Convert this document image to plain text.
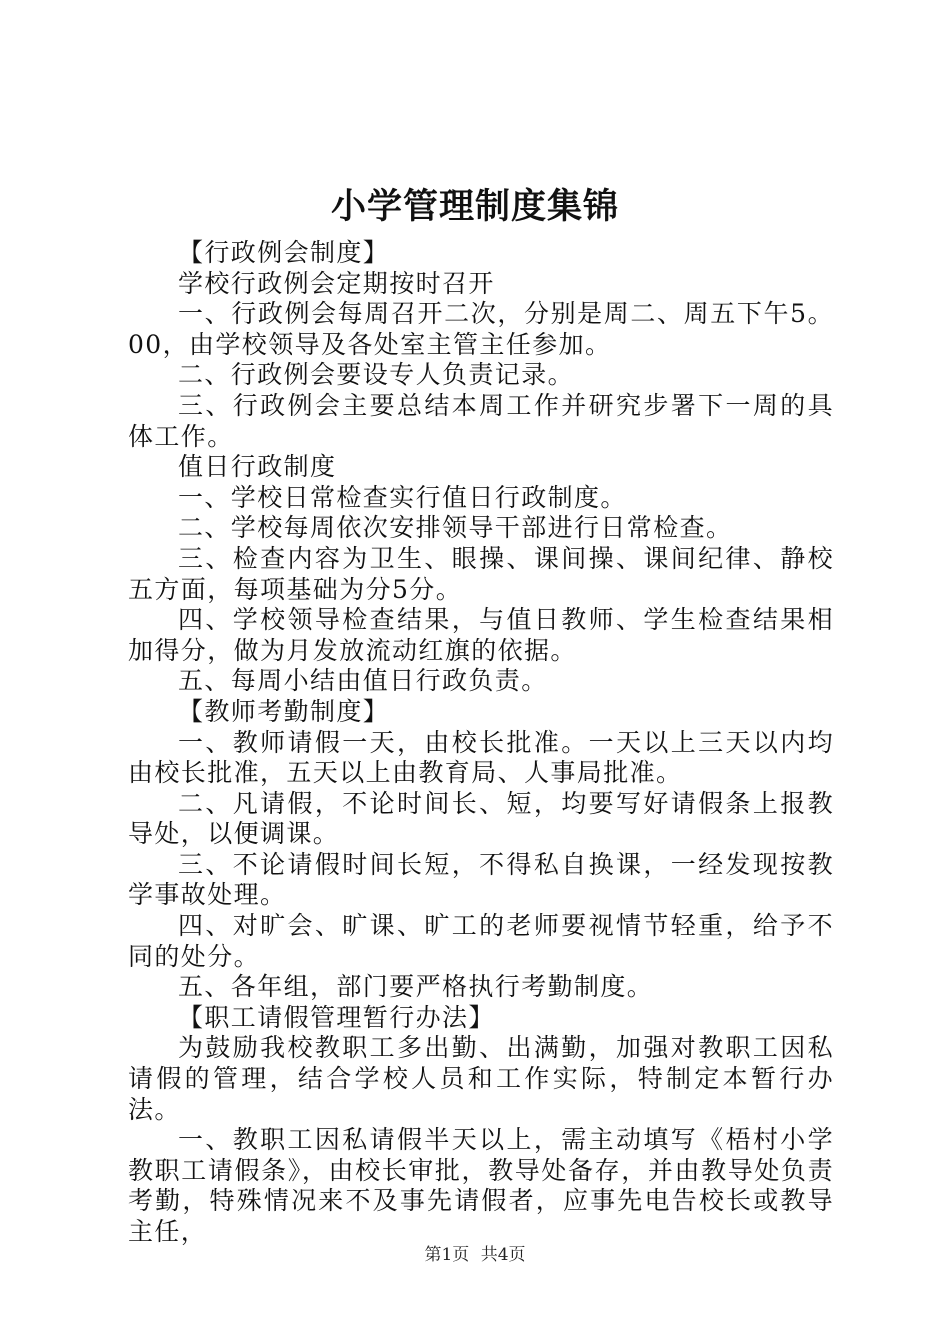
小学管理制度集锦

【行政例会制度】

学校行政例会定期按时召开

一、行政例会每周召开二次，分别是周二、周五下午5。00，由学校领导及各处室主管主任参加。

二、行政例会要设专人负责记录。

三、行政例会主要总结本周工作并研究步署下一周的具体工作。

值日行政制度

一、学校日常检查实行值日行政制度。

二、学校每周依次安排领导干部进行日常检查。

三、检查内容为卫生、眼操、课间操、课间纪律、静校五方面，每项基础为分5分。

四、学校领导检查结果，与值日教师、学生检查结果相加得分，做为月发放流动红旗的依据。

五、每周小结由值日行政负责。

【教师考勤制度】

一、教师请假一天，由校长批准。一天以上三天以内均由校长批准，五天以上由教育局、人事局批准。

二、凡请假，不论时间长、短，均要写好请假条上报教导处，以便调课。

三、不论请假时间长短，不得私自换课，一经发现按教学事故处理。

四、对旷会、旷课、旷工的老师要视情节轻重，给予不同的处分。

五、各年组，部门要严格执行考勤制度。

【职工请假管理暂行办法】

为鼓励我校教职工多出勤、出满勤，加强对教职工因私请假的管理，结合学校人员和工作实际，特制定本暂行办法。

一、教职工因私请假半天以上，需主动填写《梧村小学教职工请假条》，由校长审批，教导处备存，并由教导处负责考勤，特殊情况来不及事先请假者，应事先电告校长或教导主任，

第1页 共4页
